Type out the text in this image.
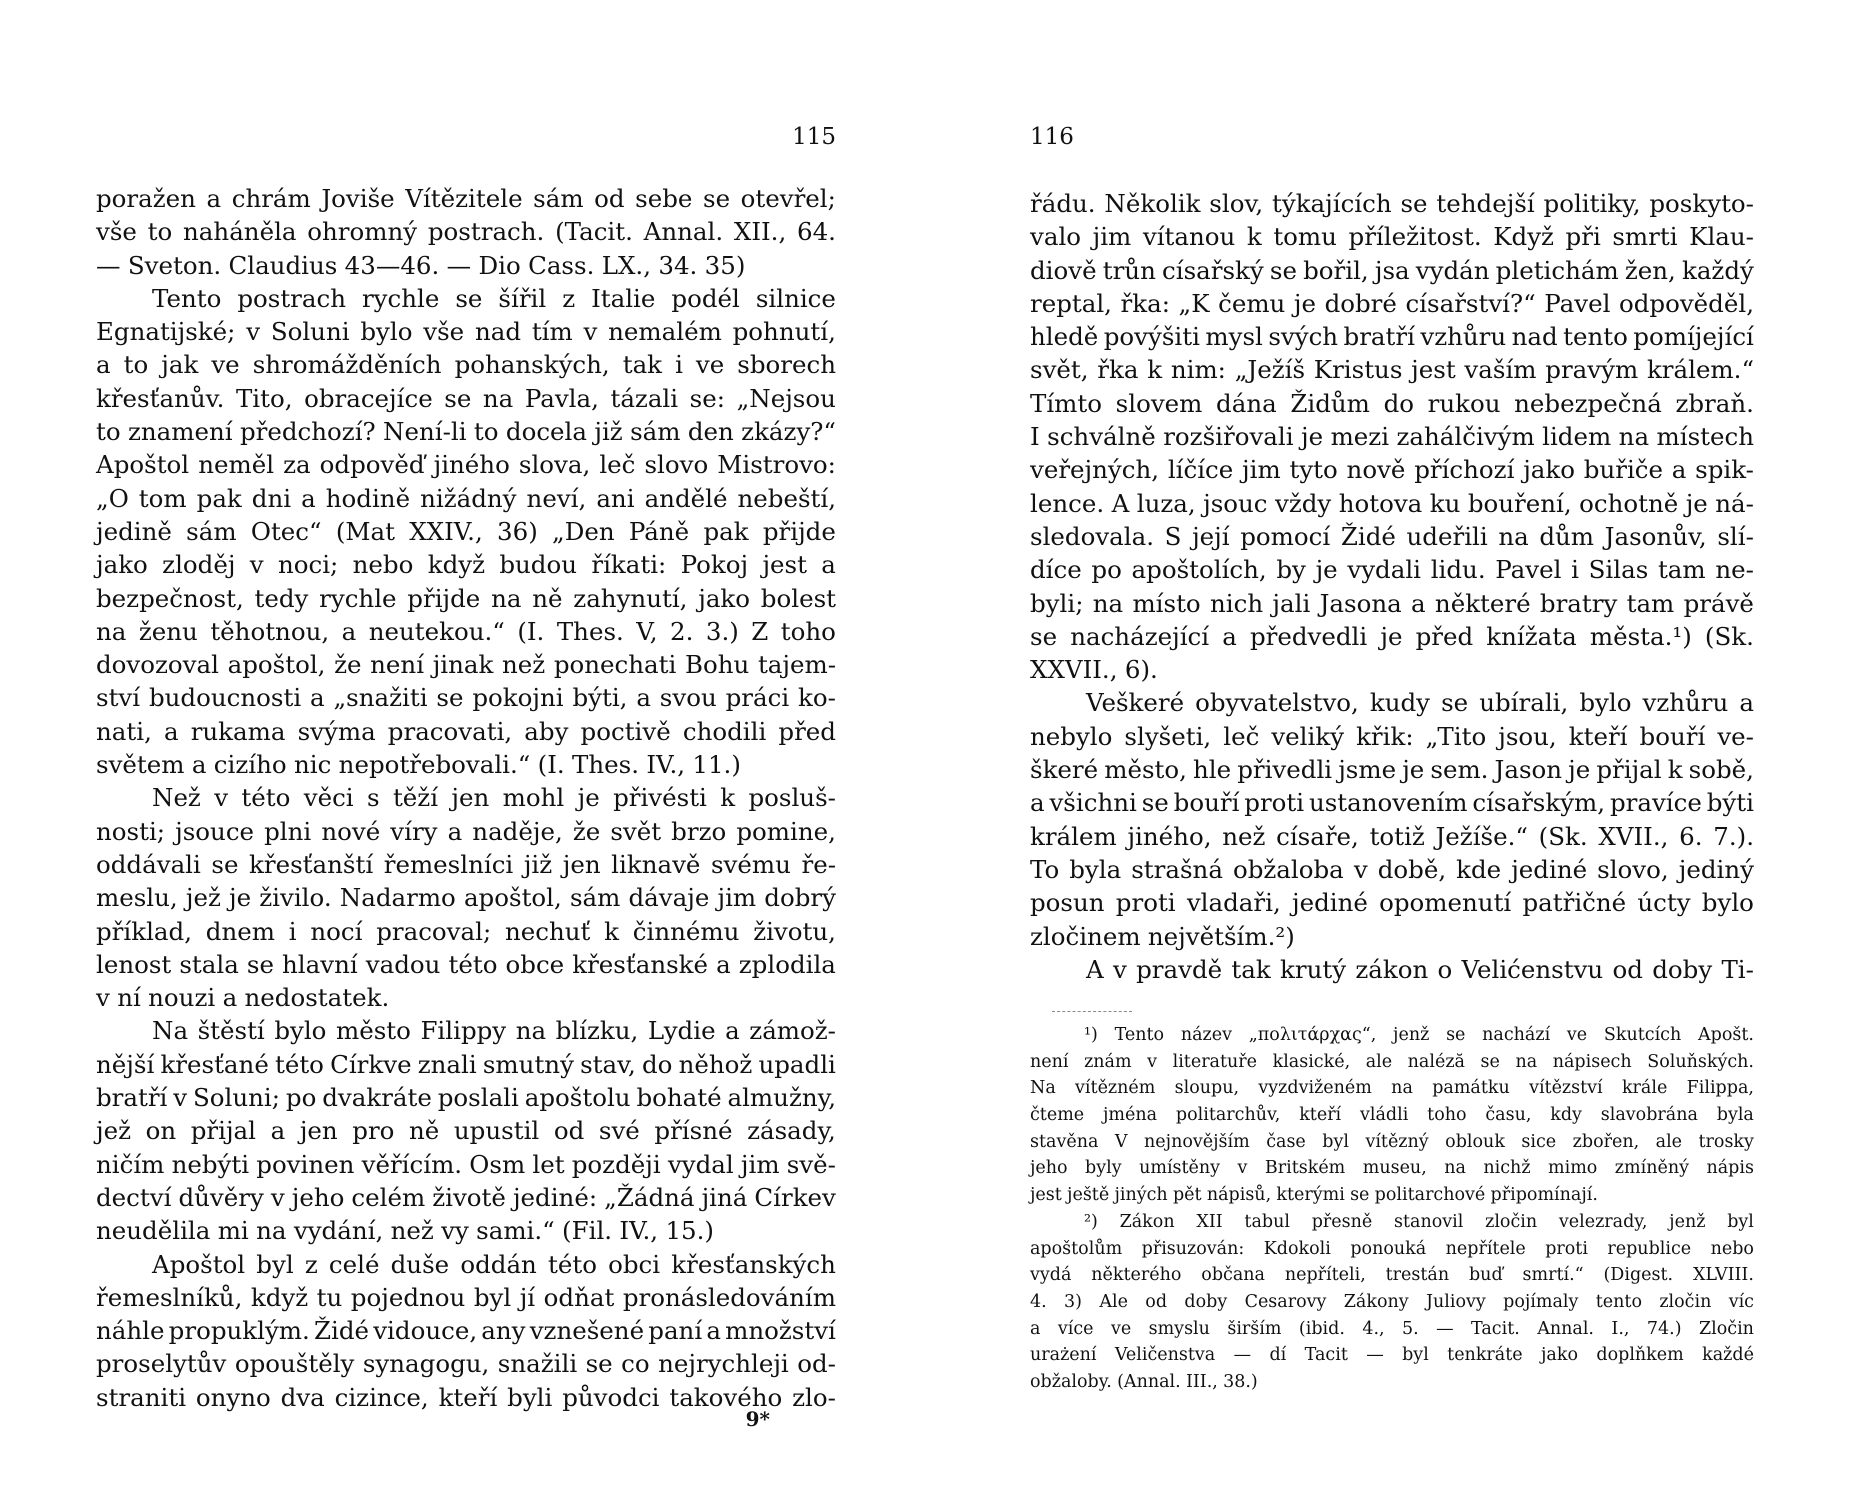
115
poražen a chrám Joviše Vítězitele sám od sebe se otevřel;
vše to naháněla ohromný postrach. (Tacit. Annal. XII., 64.
— Sveton. Claudius 43—46. — Dio Cass. LX., 34. 35)
Tento postrach rychle se šířil z Italie podél silnice
Egnatijské; v Soluni bylo vše nad tím v nemalém pohnutí,
a to jak ve shromážděních pohanských, tak i ve sborech
křesťanův. Tito, obracejíce se na Pavla, tázali se: „Nejsou
to znamení předchozí? Není-li to docela již sám den zkázy?“
Apoštol neměl za odpověď jiného slova, leč slovo Mistrovo:
„O tom pak dni a hodině nižádný neví, ani andělé nebeští,
jedině sám Otec“ (Mat XXIV., 36) „Den Páně pak přijde
jako zloděj v noci; nebo když budou říkati: Pokoj jest a
bezpečnost, tedy rychle přijde na ně zahynutí, jako bolest
na ženu těhotnou, a neutekou.“ (I. Thes. V, 2. 3.) Z toho
dovozoval apoštol, že není jinak než ponechati Bohu tajem-
ství budoucnosti a „snažiti se pokojni býti, a svou práci ko-
nati, a rukama svýma pracovati, aby poctivě chodili před
světem a cizího nic nepotřebovali.“ (I. Thes. IV., 11.)
Než v této věci s těží jen mohl je přivésti k posluš-
nosti; jsouce plni nové víry a naděje, že svět brzo pomine,
oddávali se křesťanští řemeslníci již jen liknavě svému ře-
meslu, jež je živilo. Nadarmo apoštol, sám dávaje jim dobrý
příklad, dnem i nocí pracoval; nechuť k činnému životu,
lenost stala se hlavní vadou této obce křesťanské a zplodila
v ní nouzi a nedostatek.
Na štěstí bylo město Filippy na blízku, Lydie a zámož-
nější křesťané této Církve znali smutný stav, do něhož upadli
bratří v Soluni; po dvakráte poslali apoštolu bohaté almužny,
jež on přijal a jen pro ně upustil od své přísné zásady,
ničím nebýti povinen věřícím. Osm let později vydal jim svě-
dectví důvěry v jeho celém životě jediné: „Žádná jiná Církev
neudělila mi na vydání, než vy sami.“ (Fil. IV., 15.)
Apoštol byl z celé duše oddán této obci křesťanských
řemeslníků, když tu pojednou byl jí odňat pronásledováním
náhle propuklým. Židé vidouce, any vznešené paní a množství
proselytův opouštěly synagogu, snažili se co nejrychleji od-
straniti onyno dva cizince, kteří byli původci takového zlo-
9*
116
řádu. Několik slov, týkajících se tehdejší politiky, poskyto-
valo jim vítanou k tomu příležitost. Když při smrti Klau-
diově trůn císařský se bořil, jsa vydán pletichám žen, každý
reptal, řka: „K čemu je dobré císařství?“ Pavel odpověděl,
hledě povýšiti mysl svých bratří vzhůru nad tento pomíjející
svět, řka k nim: „Ježíš Kristus jest vaším pravým králem.“
Tímto slovem dána Židům do rukou nebezpečná zbraň.
I schválně rozšiřovali je mezi zahálčivým lidem na místech
veřejných, líčíce jim tyto nově příchozí jako buřiče a spik-
lence. A luza, jsouc vždy hotova ku bouření, ochotně je ná-
sledovala. S její pomocí Židé udeřili na dům Jasonův, slí-
díce po apoštolích, by je vydali lidu. Pavel i Silas tam ne-
byli; na místo nich jali Jasona a některé bratry tam právě
se nacházející a předvedli je před knížata města.¹) (Sk.
XXVII., 6).
Veškeré obyvatelstvo, kudy se ubírali, bylo vzhůru a
nebylo slyšeti, leč veliký křik: „Tito jsou, kteří bouří ve-
škeré město, hle přivedli jsme je sem. Jason je přijal k sobě,
a všichni se bouří proti ustanovením císařským, pravíce býti
králem jiného, než císaře, totiž Ježíše.“ (Sk. XVII., 6. 7.).
To byla strašná obžaloba v době, kde jediné slovo, jediný
posun proti vladaři, jediné opomenutí patřičné úcty bylo
zločinem největším.²)
A v pravdě tak krutý zákon o Velićenstvu od doby Ti-
¹) Tento název „πολιτάρχας“, jenž se nachází ve Skutcích Apošt.
není znám v literatuře klasické, ale naléză se na nápisech Soluňských.
Na vítězném sloupu, vyzdviženém na památku vítězství krále Filippa,
čteme jména politarchův, kteří vládli toho času, kdy slavobrána byla
stavěna V nejnovějším čase byl vítězný oblouk sice zbořen, ale trosky
jeho byly umístěny v Britském museu, na nichž mimo zmíněný nápis
jest ještě jiných pět nápisů, kterými se politarchové připomínají.
²) Zákon XII tabul přesně stanovil zločin velezrady, jenž byl
apoštolům přisuzován: Kdokoli ponouká nepřítele proti republice nebo
vydá některého občana nepříteli, trestán buď smrtí.“ (Digest. XLVIII.
4. 3) Ale od doby Cesarovy Zákony Juliovy pojímaly tento zločin víc
a více ve smyslu širším (ibid. 4., 5. — Tacit. Annal. I., 74.) Zločin
urażení Veličenstva — dí Tacit — byl tenkráte jako doplňkem každé
obžaloby. (Annal. III., 38.)
